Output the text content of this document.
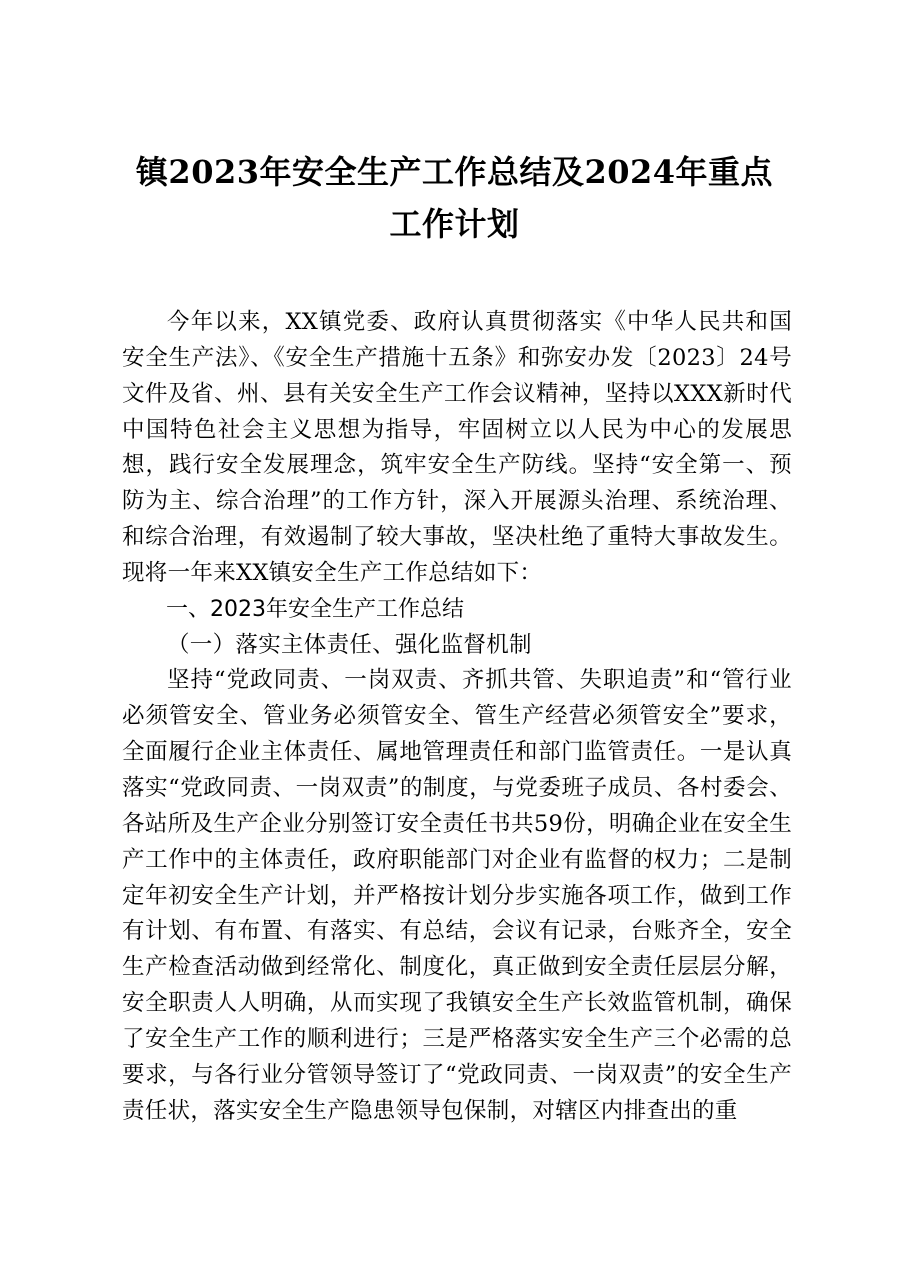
镇2023年安全生产工作总结及2024年重点工作计划

今年以来，XX镇党委、政府认真贯彻落实《中华人民共和国安全生产法》、《安全生产措施十五条》和弥安办发〔2023〕24号文件及省、州、县有关安全生产工作会议精神，坚持以XXX新时代中国特色社会主义思想为指导，牢固树立以人民为中心的发展思想，践行安全发展理念，筑牢安全生产防线。坚持“安全第一、预防为主、综合治理”的工作方针，深入开展源头治理、系统治理、和综合治理，有效遏制了较大事故，坚决杜绝了重特大事故发生。现将一年来XX镇安全生产工作总结如下：

一、2023年安全生产工作总结

（一）落实主体责任、强化监督机制

坚持“党政同责、一岗双责、齐抓共管、失职追责”和“管行业必须管安全、管业务必须管安全、管生产经营必须管安全”要求，全面履行企业主体责任、属地管理责任和部门监管责任。一是认真落实“党政同责、一岗双责”的制度，与党委班子成员、各村委会、各站所及生产企业分别签订安全责任书共59份，明确企业在安全生产工作中的主体责任，政府职能部门对企业有监督的权力；二是制定年初安全生产计划，并严格按计划分步实施各项工作，做到工作有计划、有布置、有落实、有总结，会议有记录，台账齐全，安全生产检查活动做到经常化、制度化，真正做到安全责任层层分解，安全职责人人明确，从而实现了我镇安全生产长效监管机制，确保了安全生产工作的顺利进行；三是严格落实安全生产三个必需的总要求，与各行业分管领导签订了“党政同责、一岗双责”的安全生产责任状，落实安全生产隐患领导包保制，对辖区内排查出的重
